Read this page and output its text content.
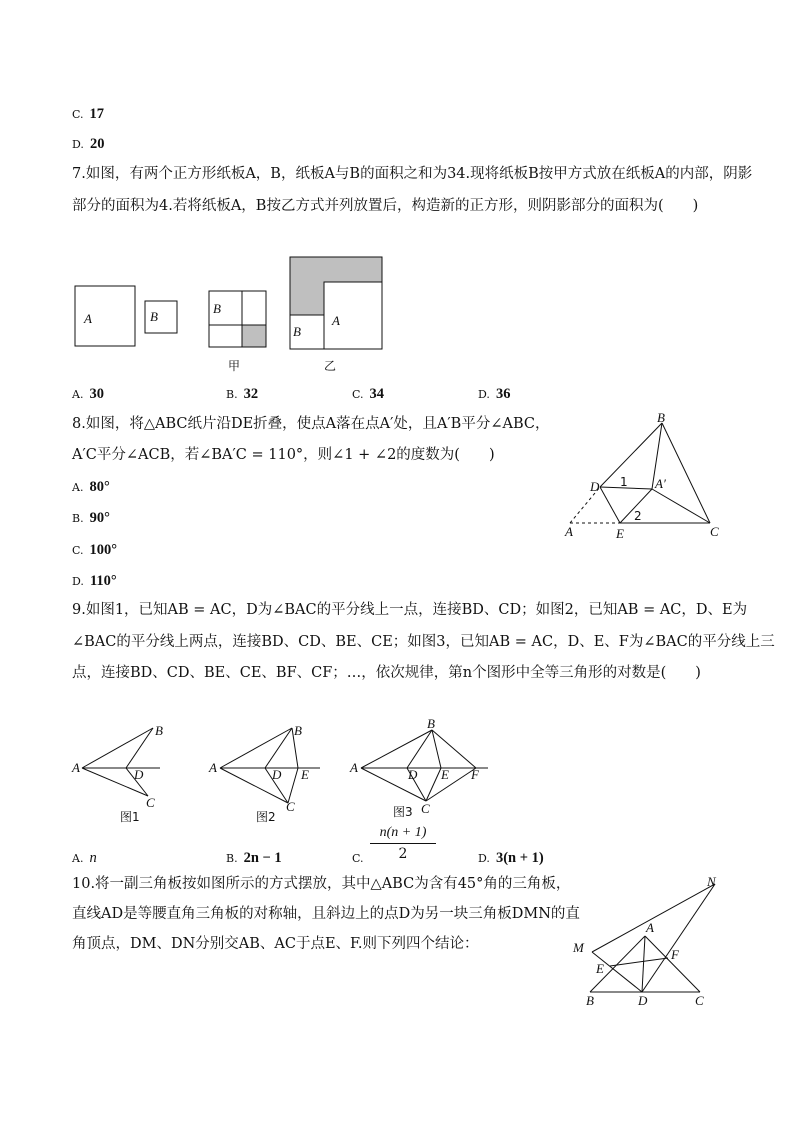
C. 17
D. 20
7.如图，有两个正方形纸板A，B，纸板A与B的面积之和为34.现将纸板B按甲方式放在纸板A的内部，阴影
部分的面积为4.若将纸板A，B按乙方式并列放置后，构造新的正方形，则阴影部分的面积为(　　)
A	B
B
甲
A
B
乙
A. 30	B. 32	C. 34	D. 36
8.如图，将△ABC纸片沿DE折叠，使点A落在点A′处，且A′B平分∠ABC，
A′C平分∠ACB，若∠BA′C = 110°，则∠1 + ∠2的度数为(　　)
B
D	A′
1
2
A	E	C
A. 80°
B. 90°
C. 100°
D. 110°
9.如图1，已知AB = AC，D为∠BAC的平分线上一点，连接BD、CD；如图2，已知AB = AC，D、E为
∠BAC的平分线上两点，连接BD、CD、BE、CE；如图3，已知AB = AC，D、E、F为∠BAC的平分线上三
点，连接BD、CD、BE、CE、BF、CF；…，依次规律，第n个图形中全等三角形的对数是(　　)
A
B
D
C
图1
A
B
D E
C
图2
A
B
D E F
C
图3
A. n	B. 2n − 1	C.
n(n + 1)
2	D. 3(n + 1)
10.将一副三角板按如图所示的方式摆放，其中△ABC为含有45°角的三角板，
直线AD是等腰直角三角板的对称轴，且斜边上的点D为另一块三角板DMN的直
角顶点，DM、DN分别交AB、AC于点E、F.则下列四个结论：
N
A
M	F
E
B	D	C
